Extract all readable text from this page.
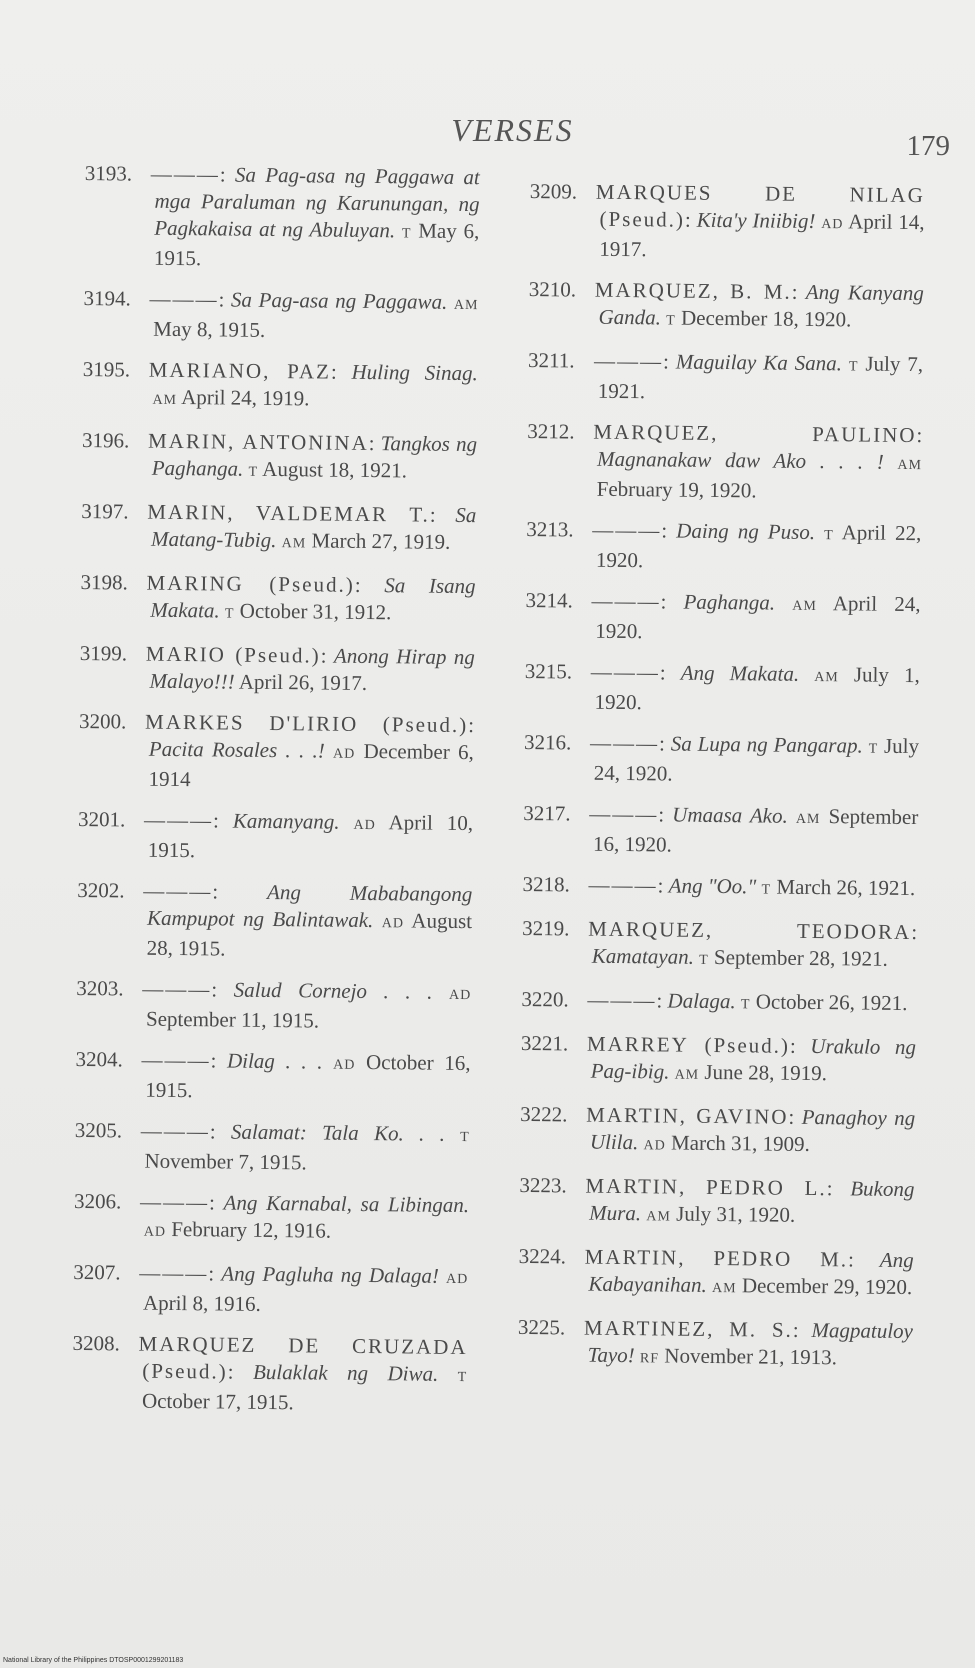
VERSES	179
3193. ———: Sa Pag-asa ng Paggawa at mga Paraluman ng Karunungan, ng Pagkakaisa at ng Abuluyan. T May 6, 1915.
3194. ———: Sa Pag-asa ng Paggawa. AM May 8, 1915.
3195. MARIANO, PAZ: Huling Sinag. AM April 24, 1919.
3196. MARIN, ANTONINA: Tangkos ng Paghanga. T August 18, 1921.
3197. MARIN, VALDEMAR T.: Sa Matang-Tubig. AM March 27, 1919.
3198. MARING (Pseud.): Sa Isang Makata. T October 31, 1912.
3199. MARIO (Pseud.): Anong Hirap ng Malayo!!! April 26, 1917.
3200. MARKES D'LIRIO (Pseud.): Pacita Rosales . . .! AD December 6, 1914
3201. ———: Kamanyang. AD April 10, 1915.
3202. ———: Ang Mababangong Kampupot ng Balintawak. AD August 28, 1915.
3203. ———: Salud Cornejo . . . AD September 11, 1915.
3204. ———: Dilag . . . AD October 16, 1915.
3205. ———: Salamat: Tala Ko. . . T November 7, 1915.
3206. ———: Ang Karnabal, sa Libingan. AD February 12, 1916.
3207. ———: Ang Pagluha ng Dalaga! AD April 8, 1916.
3208. MARQUEZ DE CRUZADA (Pseud.): Bulaklak ng Diwa. T October 17, 1915.
3209. MARQUES DE NILAG (Pseud.): Kita'y Iniibig! AD April 14, 1917.
3210. MARQUEZ, B. M.: Ang Kanyang Ganda. T December 18, 1920.
3211. ———: Maguilay Ka Sana. T July 7, 1921.
3212. MARQUEZ, PAULINO: Magnanakaw daw Ako . . . ! AM February 19, 1920.
3213. ———: Daing ng Puso. T April 22, 1920.
3214. ———: Paghanga. AM April 24, 1920.
3215. ———: Ang Makata. AM July 1, 1920.
3216. ———: Sa Lupa ng Pangarap. T July 24, 1920.
3217. ———: Umaasa Ako. AM September 16, 1920.
3218. ———: Ang "Oo." T March 26, 1921.
3219. MARQUEZ, TEODORA: Kamatayan. T September 28, 1921.
3220. ———: Dalaga. T October 26, 1921.
3221. MARREY (Pseud.): Urakulo ng Pag-ibig. AM June 28, 1919.
3222. MARTIN, GAVINO: Panaghoy ng Ulila. AD March 31, 1909.
3223. MARTIN, PEDRO L.: Bukong Mura. AM July 31, 1920.
3224. MARTIN, PEDRO M.: Ang Kabayanihan. AM December 29, 1920.
3225. MARTINEZ, M. S.: Magpatuloy Tayo! RF November 21, 1913.
National Library of the Philippines DTOSP0001299201183
